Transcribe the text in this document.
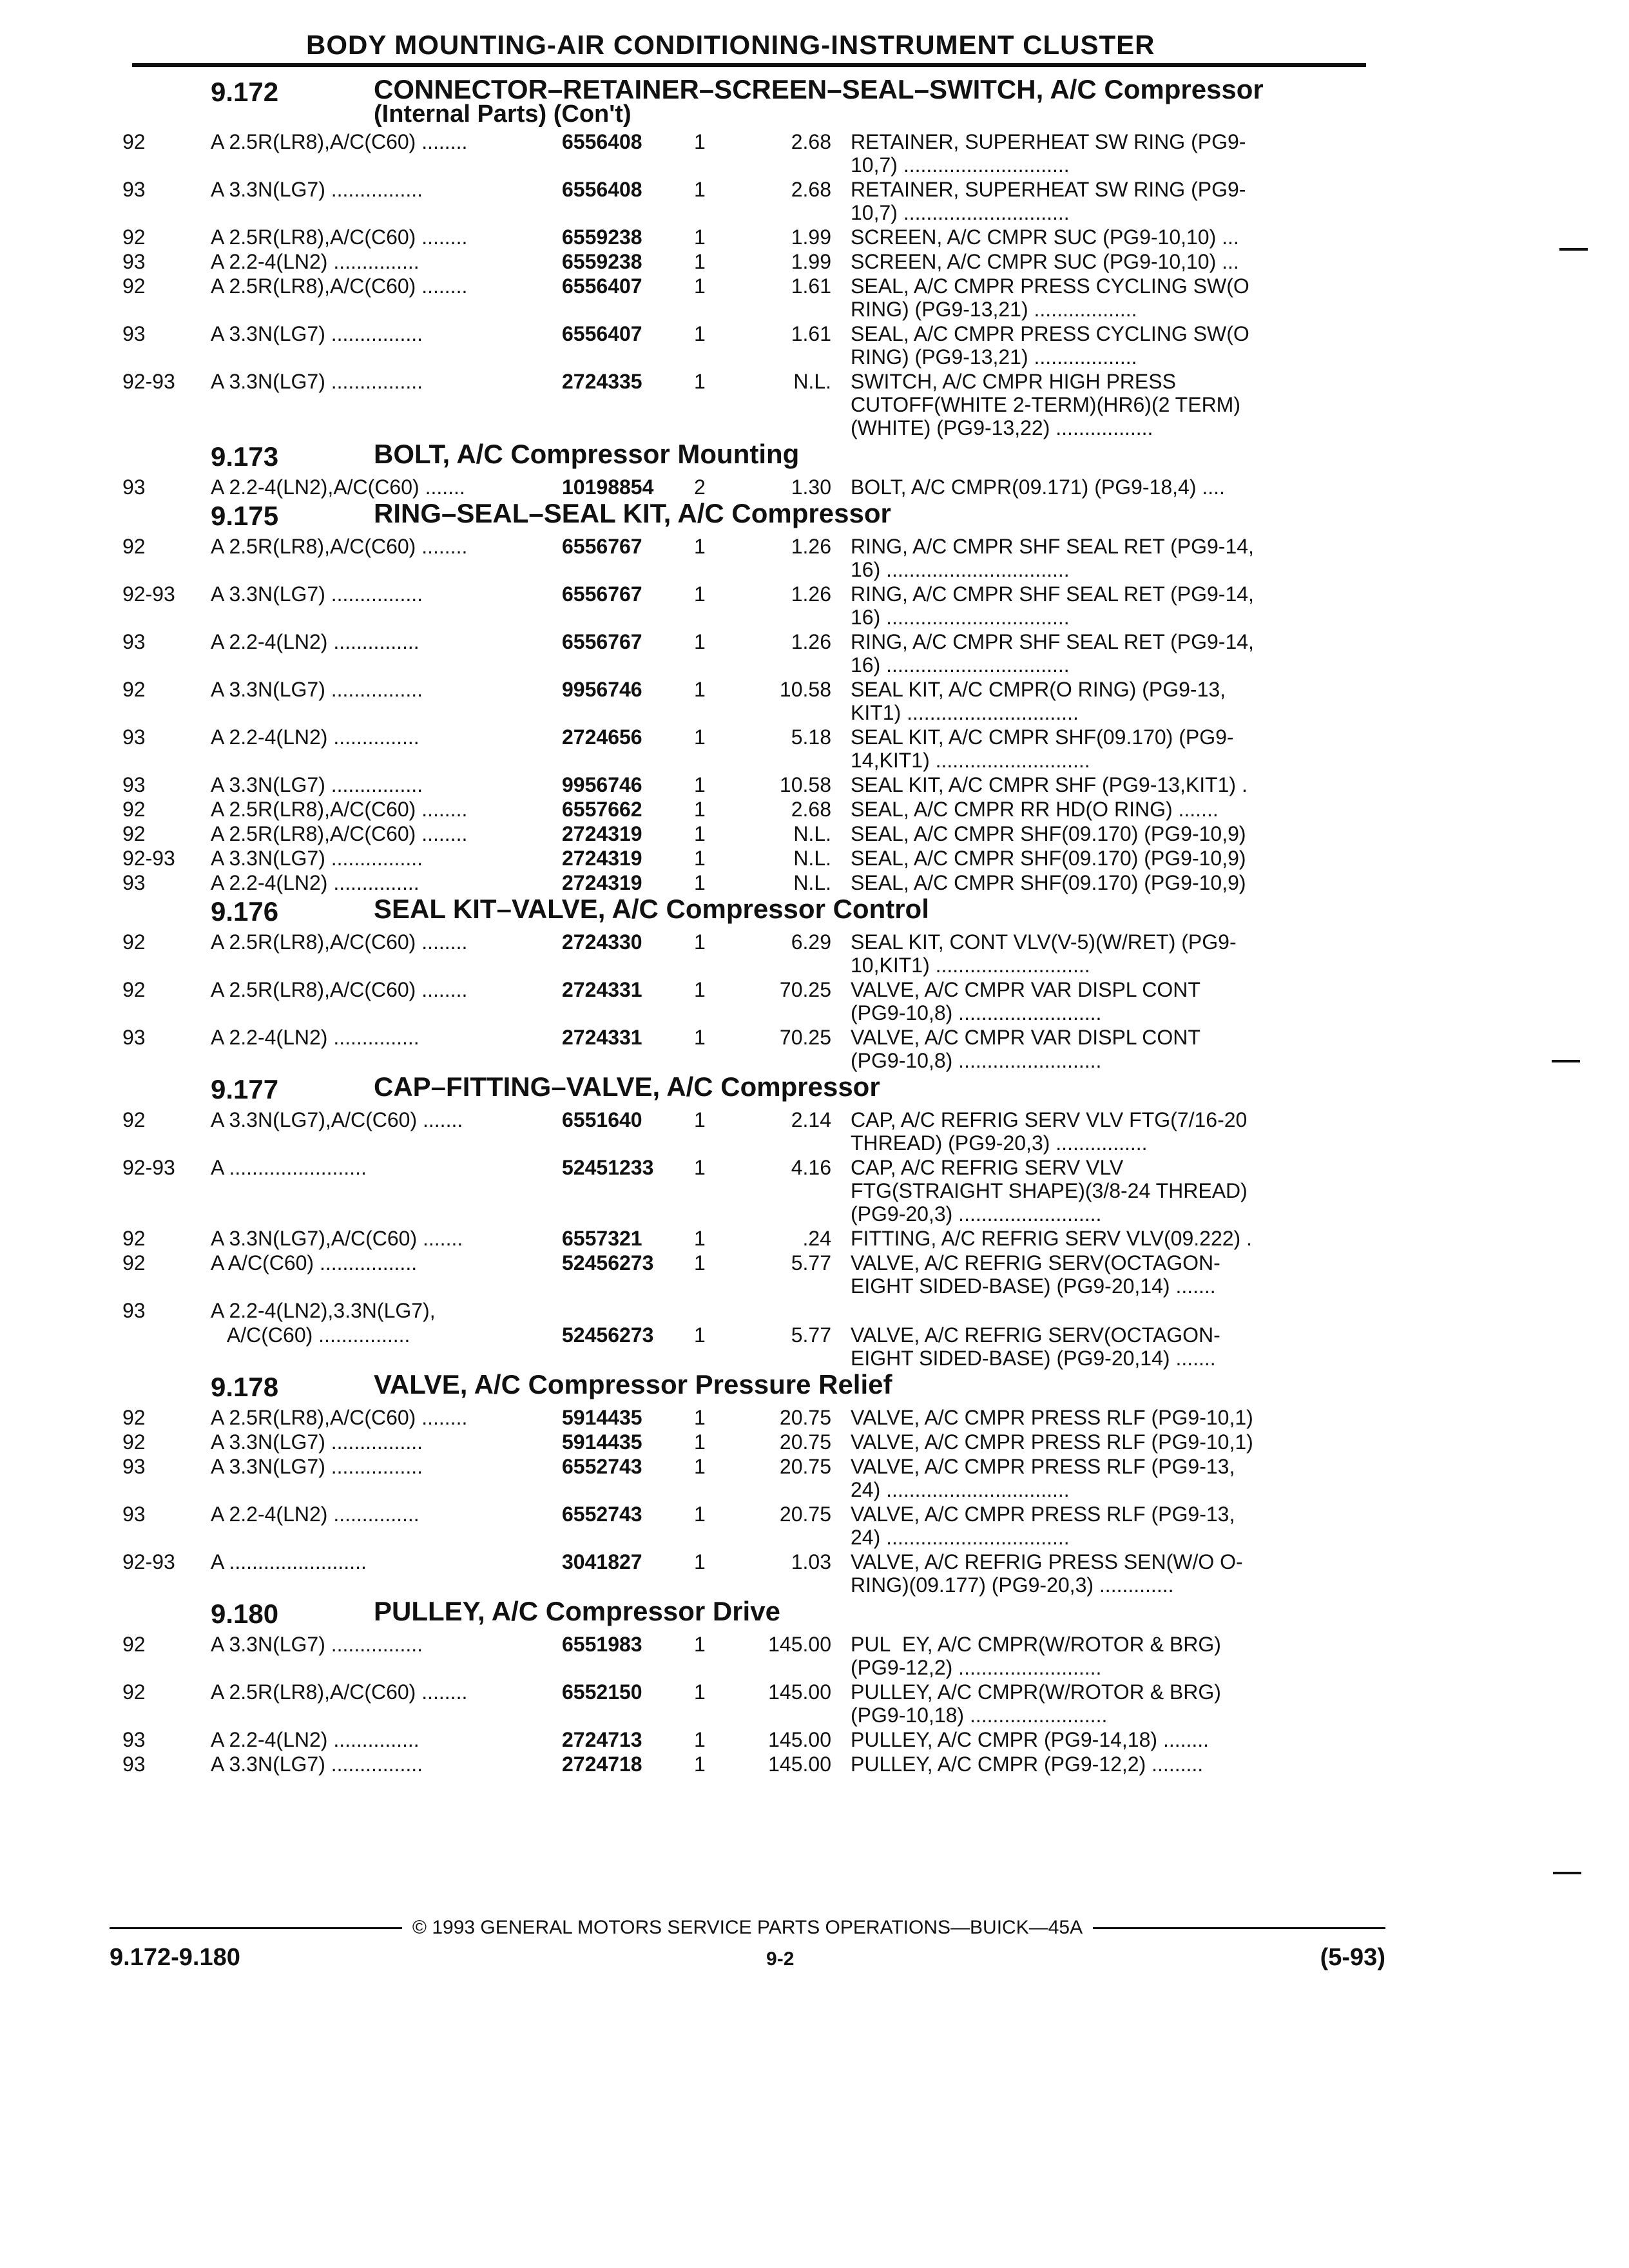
BODY MOUNTING-AIR CONDITIONING-INSTRUMENT CLUSTER
9.172	CONNECTOR–RETAINER–SCREEN–SEAL–SWITCH, A/C Compressor
(Internal Parts) (Con't)
92	A 2.5R(LR8),A/C(C60) ........	6556408	1	2.68 RETAINER, SUPERHEAT SW RING (PG9-
10,7) .............................
93	A 3.3N(LG7) ................	6556408	1	2.68 RETAINER, SUPERHEAT SW RING (PG9-
10,7) .............................
92	A 2.5R(LR8),A/C(C60) ........	6559238	1	1.99 SCREEN, A/C CMPR SUC (PG9-10,10) ...
93	A 2.2-4(LN2) ...............	6559238	1	1.99 SCREEN, A/C CMPR SUC (PG9-10,10) ...
92	A 2.5R(LR8),A/C(C60) ........	6556407	1	1.61 SEAL, A/C CMPR PRESS CYCLING SW(O
RING) (PG9-13,21) ..................
93	A 3.3N(LG7) ................	6556407	1	1.61 SEAL, A/C CMPR PRESS CYCLING SW(O
RING) (PG9-13,21) ..................
92-93	A 3.3N(LG7) ................	2724335	1	N.L. SWITCH, A/C CMPR HIGH PRESS
CUTOFF(WHITE 2-TERM)(HR6)(2 TERM)
(WHITE) (PG9-13,22) .................
9.173	BOLT, A/C Compressor Mounting
93	A 2.2-4(LN2),A/C(C60) .......	10198854	2	1.30 BOLT, A/C CMPR(09.171) (PG9-18,4) ....
9.175	RING–SEAL–SEAL KIT, A/C Compressor
92	A 2.5R(LR8),A/C(C60) ........	6556767	1	1.26 RING, A/C CMPR SHF SEAL RET (PG9-14,
16) ................................
92-93	A 3.3N(LG7) ................	6556767	1	1.26 RING, A/C CMPR SHF SEAL RET (PG9-14,
16) ................................
93	A 2.2-4(LN2) ...............	6556767	1	1.26 RING, A/C CMPR SHF SEAL RET (PG9-14,
16) ................................
92	A 3.3N(LG7) ................	9956746	1	10.58 SEAL KIT, A/C CMPR(O RING) (PG9-13,
KIT1) ..............................
93	A 2.2-4(LN2) ...............	2724656	1	5.18 SEAL KIT, A/C CMPR SHF(09.170) (PG9-
14,KIT1) ...........................
93	A 3.3N(LG7) ................	9956746	1	10.58 SEAL KIT, A/C CMPR SHF (PG9-13,KIT1) .
92	A 2.5R(LR8),A/C(C60) ........	6557662	1	2.68 SEAL, A/C CMPR RR HD(O RING) .......
92	A 2.5R(LR8),A/C(C60) ........	2724319	1	N.L. SEAL, A/C CMPR SHF(09.170) (PG9-10,9)
92-93	A 3.3N(LG7) ................	2724319	1	N.L. SEAL, A/C CMPR SHF(09.170) (PG9-10,9)
93	A 2.2-4(LN2) ...............	2724319	1	N.L. SEAL, A/C CMPR SHF(09.170) (PG9-10,9)
9.176	SEAL KIT–VALVE, A/C Compressor Control
92	A 2.5R(LR8),A/C(C60) ........	2724330	1	6.29 SEAL KIT, CONT VLV(V-5)(W/RET) (PG9-
10,KIT1) ...........................
92	A 2.5R(LR8),A/C(C60) ........	2724331	1	70.25 VALVE, A/C CMPR VAR DISPL CONT
(PG9-10,8) .........................
93	A 2.2-4(LN2) ...............	2724331	1	70.25 VALVE, A/C CMPR VAR DISPL CONT
(PG9-10,8) .........................
9.177	CAP–FITTING–VALVE, A/C Compressor
92	A 3.3N(LG7),A/C(C60) .......	6551640	1	2.14 CAP, A/C REFRIG SERV VLV FTG(7/16-20
THREAD) (PG9-20,3) ................
92-93	A ........................	52451233	1	4.16 CAP, A/C REFRIG SERV VLV
FTG(STRAIGHT SHAPE)(3/8-24 THREAD)
(PG9-20,3) .........................
92	A 3.3N(LG7),A/C(C60) .......	6557321	1	.24 FITTING, A/C REFRIG SERV VLV(09.222) .
92	A A/C(C60) .................	52456273	1	5.77 VALVE, A/C REFRIG SERV(OCTAGON-
EIGHT SIDED-BASE) (PG9-20,14) .......
93	A 2.2-4(LN2),3.3N(LG7),
A/C(C60) ................	52456273	1	5.77 VALVE, A/C REFRIG SERV(OCTAGON-
EIGHT SIDED-BASE) (PG9-20,14) .......
9.178	VALVE, A/C Compressor Pressure Relief
92	A 2.5R(LR8),A/C(C60) ........	5914435	1	20.75 VALVE, A/C CMPR PRESS RLF (PG9-10,1)
92	A 3.3N(LG7) ................	5914435	1	20.75 VALVE, A/C CMPR PRESS RLF (PG9-10,1)
93	A 3.3N(LG7) ................	6552743	1	20.75 VALVE, A/C CMPR PRESS RLF (PG9-13,
24) ................................
93	A 2.2-4(LN2) ...............	6552743	1	20.75 VALVE, A/C CMPR PRESS RLF (PG9-13,
24) ................................
92-93	A ........................	3041827	1	1.03 VALVE, A/C REFRIG PRESS SEN(W/O O-
RING)(09.177) (PG9-20,3) .............
9.180	PULLEY, A/C Compressor Drive
92	A 3.3N(LG7) ................	6551983	1	145.00 PUL  EY, A/C CMPR(W/ROTOR & BRG)
(PG9-12,2) .........................
92	A 2.5R(LR8),A/C(C60) ........	6552150	1	145.00 PULLEY, A/C CMPR(W/ROTOR & BRG)
(PG9-10,18) ........................
93	A 2.2-4(LN2) ...............	2724713	1	145.00 PULLEY, A/C CMPR (PG9-14,18) ........
93	A 3.3N(LG7) ................	2724718	1	145.00 PULLEY, A/C CMPR (PG9-12,2) .........
© 1993 GENERAL MOTORS SERVICE PARTS OPERATIONS—BUICK—45A
9.172-9.180	9-2	(5-93)
